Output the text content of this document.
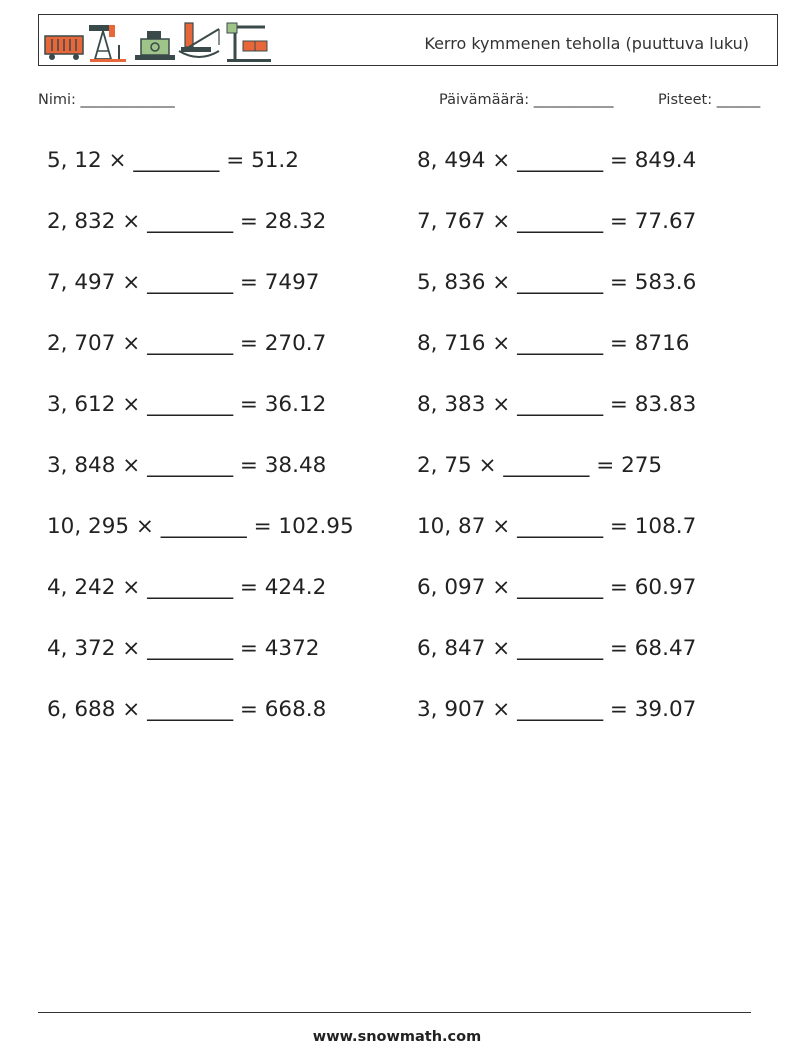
Kerro kymmenen teholla (puuttuva luku)
Nimi: _____________	Päivämäärä: ___________	Pisteet: ______
5, 12 × ________ = 51.2
2, 832 × ________ = 28.32
7, 497 × ________ = 7497
2, 707 × ________ = 270.7
3, 612 × ________ = 36.12
3, 848 × ________ = 38.48
10, 295 × ________ = 102.95
4, 242 × ________ = 424.2
4, 372 × ________ = 4372
6, 688 × ________ = 668.8
8, 494 × ________ = 849.4
7, 767 × ________ = 77.67
5, 836 × ________ = 583.6
8, 716 × ________ = 8716
8, 383 × ________ = 83.83
2, 75 × ________ = 275
10, 87 × ________ = 108.7
6, 097 × ________ = 60.97
6, 847 × ________ = 68.47
3, 907 × ________ = 39.07
www.snowmath.com
